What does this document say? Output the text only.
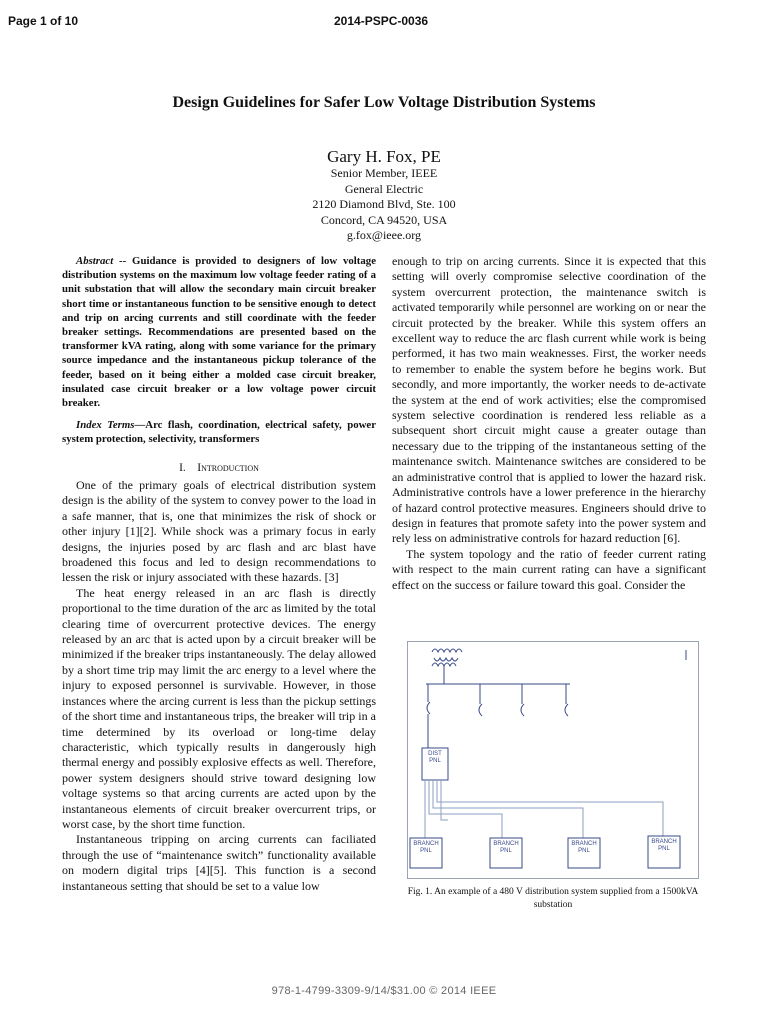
Page 1 of 10	2014-PSPC-0036
Design Guidelines for Safer Low Voltage Distribution Systems
Gary H. Fox, PE
Senior Member, IEEE
General Electric
2120 Diamond Blvd, Ste. 100
Concord, CA 94520, USA
g.fox@ieee.org

Abstract -- Guidance is provided to designers of low voltage distribution systems on the maximum low voltage feeder rating of a unit substation that will allow the secondary main circuit breaker short time or instantaneous function to be sensitive enough to detect and trip on arcing currents and still coordinate with the feeder breaker settings. Recommendations are presented based on the transformer kVA rating, along with some variance for the primary source impedance and the instantaneous pickup tolerance of the feeder, based on it being either a molded case circuit breaker, insulated case circuit breaker or a low voltage power circuit breaker.

Index Terms—Arc flash, coordination, electrical safety, power system protection, selectivity, transformers

I. Introduction

One of the primary goals of electrical distribution system design is the ability of the system to convey power to the load in a safe manner, that is, one that minimizes the risk of shock or other injury [1][2]. While shock was a primary focus in early designs, the injuries posed by arc flash and arc blast have broadened this focus and led to design recommendations to lessen the risk or injury associated with these hazards. [3]

The heat energy released in an arc flash is directly proportional to the time duration of the arc as limited by the total clearing time of overcurrent protective devices. The energy released by an arc that is acted upon by a circuit breaker will be minimized if the breaker trips instantaneously. The delay allowed by a short time trip may limit the arc energy to a level where the injury to exposed personnel is survivable. However, in those instances where the arcing current is less than the pickup settings of the short time and instantaneous trips, the breaker will trip in a time determined by its overload or long-time delay characteristic, which typically results in dangerously high thermal energy and possibly explosive effects as well. Therefore, power system designers should strive toward designing low voltage systems so that arcing currents are acted upon by the instantaneous elements of circuit breaker overcurrent trips, or worst case, by the short time function.

Instantaneous tripping on arcing currents can faciliated through the use of “maintenance switch” functionality available on modern digital trips [4][5]. This function is a second instantaneous setting that should be set to a value low

enough to trip on arcing currents. Since it is expected that this setting will overly compromise selective coordination of the system overcurrent protection, the maintenance switch is activated temporarily while personnel are working on or near the circuit protected by the breaker. While this system offers an excellent way to reduce the arc flash current while work is being performed, it has two main weaknesses. First, the worker needs to remember to enable the system before he begins work. But secondly, and more importantly, the worker needs to de-activate the system at the end of work activities; else the compromised system selective coordination is rendered less reliable as a subsequent short circuit might cause a greater outage than necessary due to the tripping of the instantaneous setting of the maintenance switch. Maintenance switches are considered to be an administrative control that is applied to lower the hazard risk. Administrative controls have a lower preference in the hierarchy of hazard control protective measures. Engineers should drive to design in features that promote safety into the power system and rely less on administrative controls for hazard reduction [6].

The system topology and the ratio of feeder current rating with respect to the main current rating can have a significant effect on the success or failure toward this goal. Consider the

DIST
PNL
BRANCH
PNL
BRANCH
PNL
BRANCH
PNL
BRANCH
PNL
Fig. 1. An example of a 480 V distribution system supplied from a 1500kVA substation
978-1-4799-3309-9/14/$31.00 © 2014 IEEE
